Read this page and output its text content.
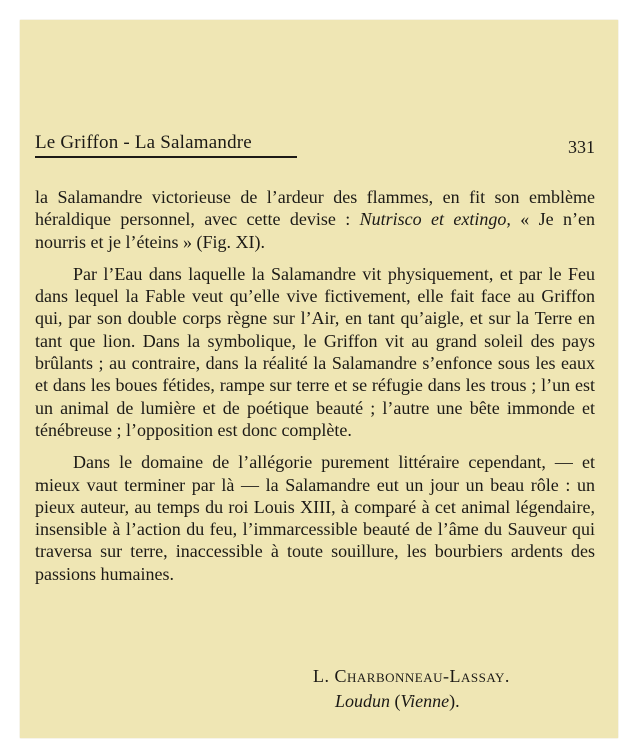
Le Griffon - La Salamandre	331

la Salamandre victorieuse de l’ardeur des flammes, en fit son emblème héraldique personnel, avec cette devise : Nutrisco et extingo, « Je n’en nourris et je l’éteins » (Fig. XI).

Par l’Eau dans laquelle la Salamandre vit physiquement, et par le Feu dans lequel la Fable veut qu’elle vive fictivement, elle fait face au Griffon qui, par son double corps règne sur l’Air, en tant qu’aigle, et sur la Terre en tant que lion. Dans la symbolique, le Griffon vit au grand soleil des pays brûlants ; au contraire, dans la réalité la Salamandre s’enfonce sous les eaux et dans les boues fétides, rampe sur terre et se réfugie dans les trous ; l’un est un animal de lumière et de poétique beauté ; l’autre une bête immonde et ténébreuse ; l’opposition est donc complète.

Dans le domaine de l’allégorie purement littéraire cependant, — et mieux vaut terminer par là — la Salamandre eut un jour un beau rôle : un pieux auteur, au temps du roi Louis XIII, à comparé à cet animal légendaire, insensible à l’action du feu, l’immarcessible beauté de l’âme du Sauveur qui traversa sur terre, inaccessible à toute souillure, les bourbiers ardents des passions humaines.

L. Charbonneau-Lassay.
Loudun (Vienne).
